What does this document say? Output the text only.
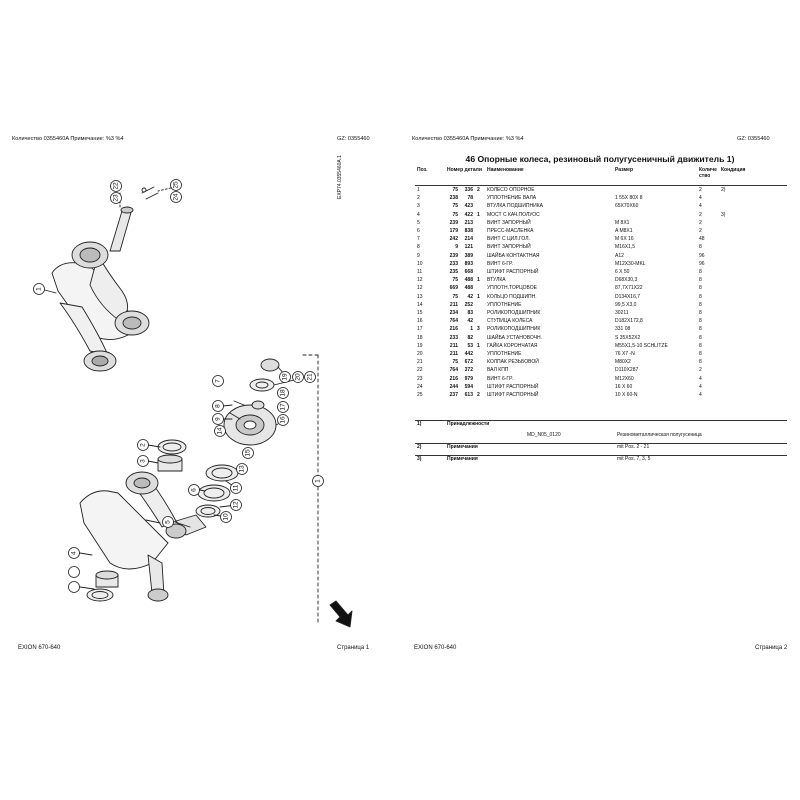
Количество 0355460A Примечание: %3 %4	GZ: 0355460
EXP74.0355460A.1
1
22
23	24
25
1
2
3
4
5
6
7
8
9
10
11
12
13
14
15
16
17
18
19 20 21
EXION 670-640	Страница 1
Количество 0355460A Примечание: %3 %4	GZ: 0355460
46 Опорные колеса, резиновый полугусеничный движитель 1)
Поз.	Номер детали			Наименование	Размер	Количе ство	Кондиция
1	75	336	2	КОЛЕСО ОПОРНОЕ		2	2)
2	238	78		УПЛОТНЕНИЕ ВАЛА	1 55X 80X 8	4	
3	75	423		ВТУЛКА ПОДШИПНИКА	65X70X60	4	
4	75	422	1	МОСТ С КАЧ.ПОЛУОС		2	3)
5	239	213		ВИНТ ЗАПОРНЫЙ	M 8X1	2	
6	179	838		ПРЕСС-МАСЛЕНКА	A M8X1	2	
7	242	214		ВИНТ С ЦИЛ.ГОЛ.	M 6X 16	48	
8	9	121		ВИНТ ЗАПОРНЫЙ	M16X1,5	8	
9	239	389		ШАЙБА КОНТАКТНАЯ	A12	96	
10	233	893		ВИНТ 6-ГР.	M12X30-MKL	96	
11	235	668		ШТИФТ РАСПОРНЫЙ	6 X 50	8	
12	75	488	1	ВТУЛКА	D68X30,3	8	
12	669	488		УПЛОТН.ТОРЦОВОЕ	87,7X71X22	8	
13	75	42	1	КОЛЬЦО ПОДШИПН.	D134X16,7	8	
14	211	252		УПЛОТНЕНИЕ	99,5 X3,0	8	
15	234	83		РОЛИКОПОДШИПНИК	30211	8	
16	764	42		СТУПИЦА КОЛЕСА	D182X172,8	8	
17	216	1	3	РОЛИКОПОДШИПНИК	331 08	8	
18	233	82		ШАЙБА УСТАНОВОЧН.	S 35X52X2	8	
19	211	53	1	ГАЙКА КОРОНЧАТАЯ	M55X1,5-10 SCHLITZE	8	
20	211	442		УПЛОТНЕНИЕ	76 X7 -N	8	
21	75	672		КОЛПАК РЕЗЬБОВОЙ	M80X2	8	
22	764	372		ВАЛ КПП	D110X287	2	
23	216	979		ВИНТ 6-ГР.	M12X60	4	
24	244	594		ШТИФТ РАСПОРНЫЙ	16 X 60	4	
25	237	613	2	ШТИФТ РАСПОРНЫЙ	10 X 60-N	4	
1)	Принадлежности		
		MD_N05_0120	Резинометаллическая полугусеница
2)	Примечания		mit Pos. 2 - 21
3)	Примечания		mit Pos. 7, 3, 5
EXION 670-640	Страница 2
